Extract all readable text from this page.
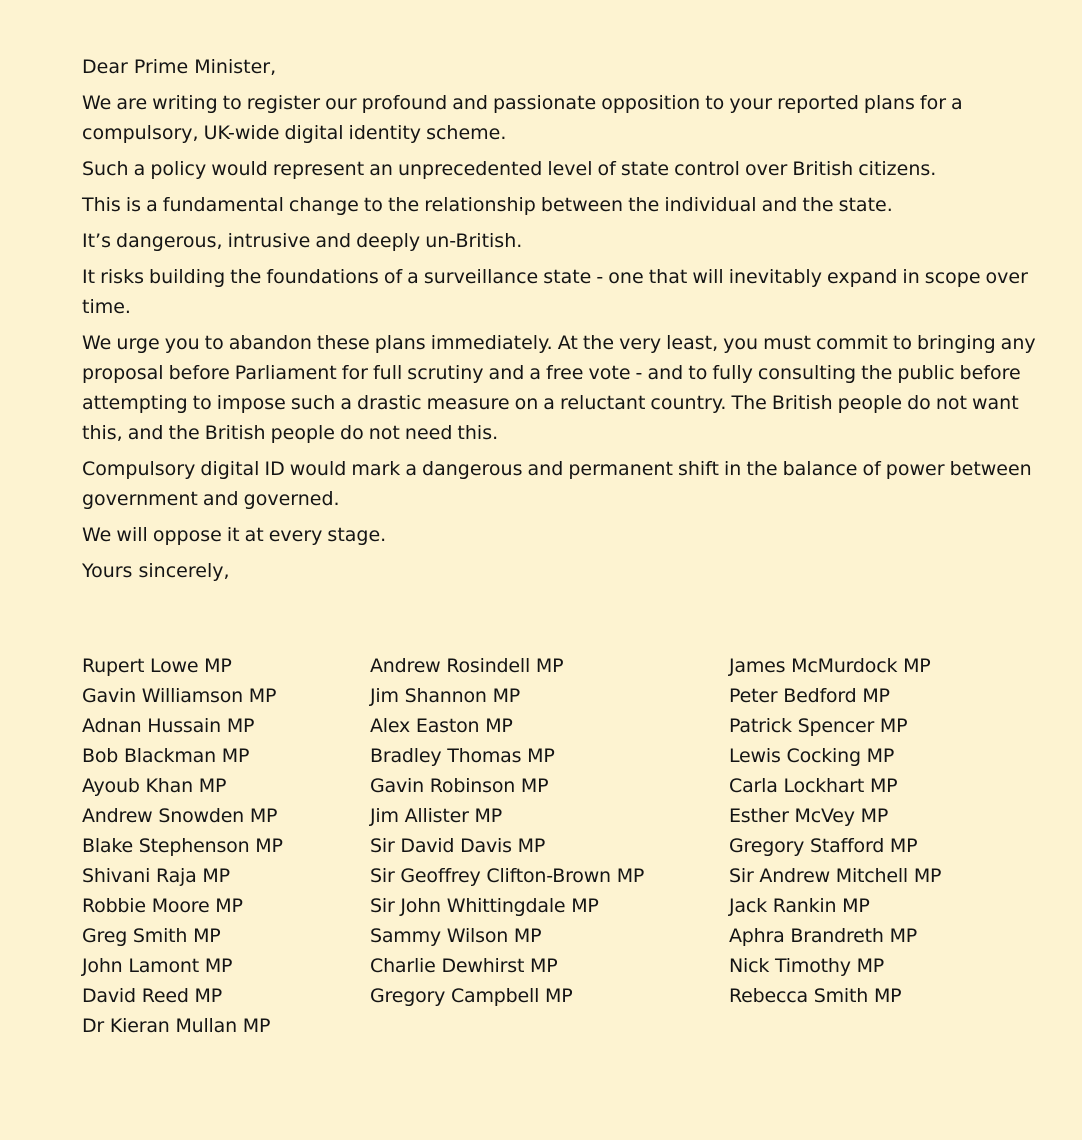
Dear Prime Minister,

We are writing to register our profound and passionate opposition to your reported plans for a compulsory, UK-wide digital identity scheme.

Such a policy would represent an unprecedented level of state control over British citizens.

This is a fundamental change to the relationship between the individual and the state.

It’s dangerous, intrusive and deeply un-British.

It risks building the foundations of a surveillance state - one that will inevitably expand in scope over time.

We urge you to abandon these plans immediately. At the very least, you must commit to bringing any proposal before Parliament for full scrutiny and a free vote - and to fully consulting the public before attempting to impose such a drastic measure on a reluctant country. The British people do not want this, and the British people do not need this.

Compulsory digital ID would mark a dangerous and permanent shift in the balance of power between government and governed.

We will oppose it at every stage.

Yours sincerely,

Rupert Lowe MP
Gavin Williamson MP
Adnan Hussain MP
Bob Blackman MP
Ayoub Khan MP
Andrew Snowden MP
Blake Stephenson MP
Shivani Raja MP
Robbie Moore MP
Greg Smith MP
John Lamont MP
David Reed MP
Dr Kieran Mullan MP
Andrew Rosindell MP
Jim Shannon MP
Alex Easton MP
Bradley Thomas MP
Gavin Robinson MP
Jim Allister MP
Sir David Davis MP
Sir Geoffrey Clifton-Brown MP
Sir John Whittingdale MP
Sammy Wilson MP
Charlie Dewhirst MP
Gregory Campbell MP
James McMurdock MP
Peter Bedford MP
Patrick Spencer MP
Lewis Cocking MP
Carla Lockhart MP
Esther McVey MP
Gregory Stafford MP
Sir Andrew Mitchell MP
Jack Rankin MP
Aphra Brandreth MP
Nick Timothy MP
Rebecca Smith MP
